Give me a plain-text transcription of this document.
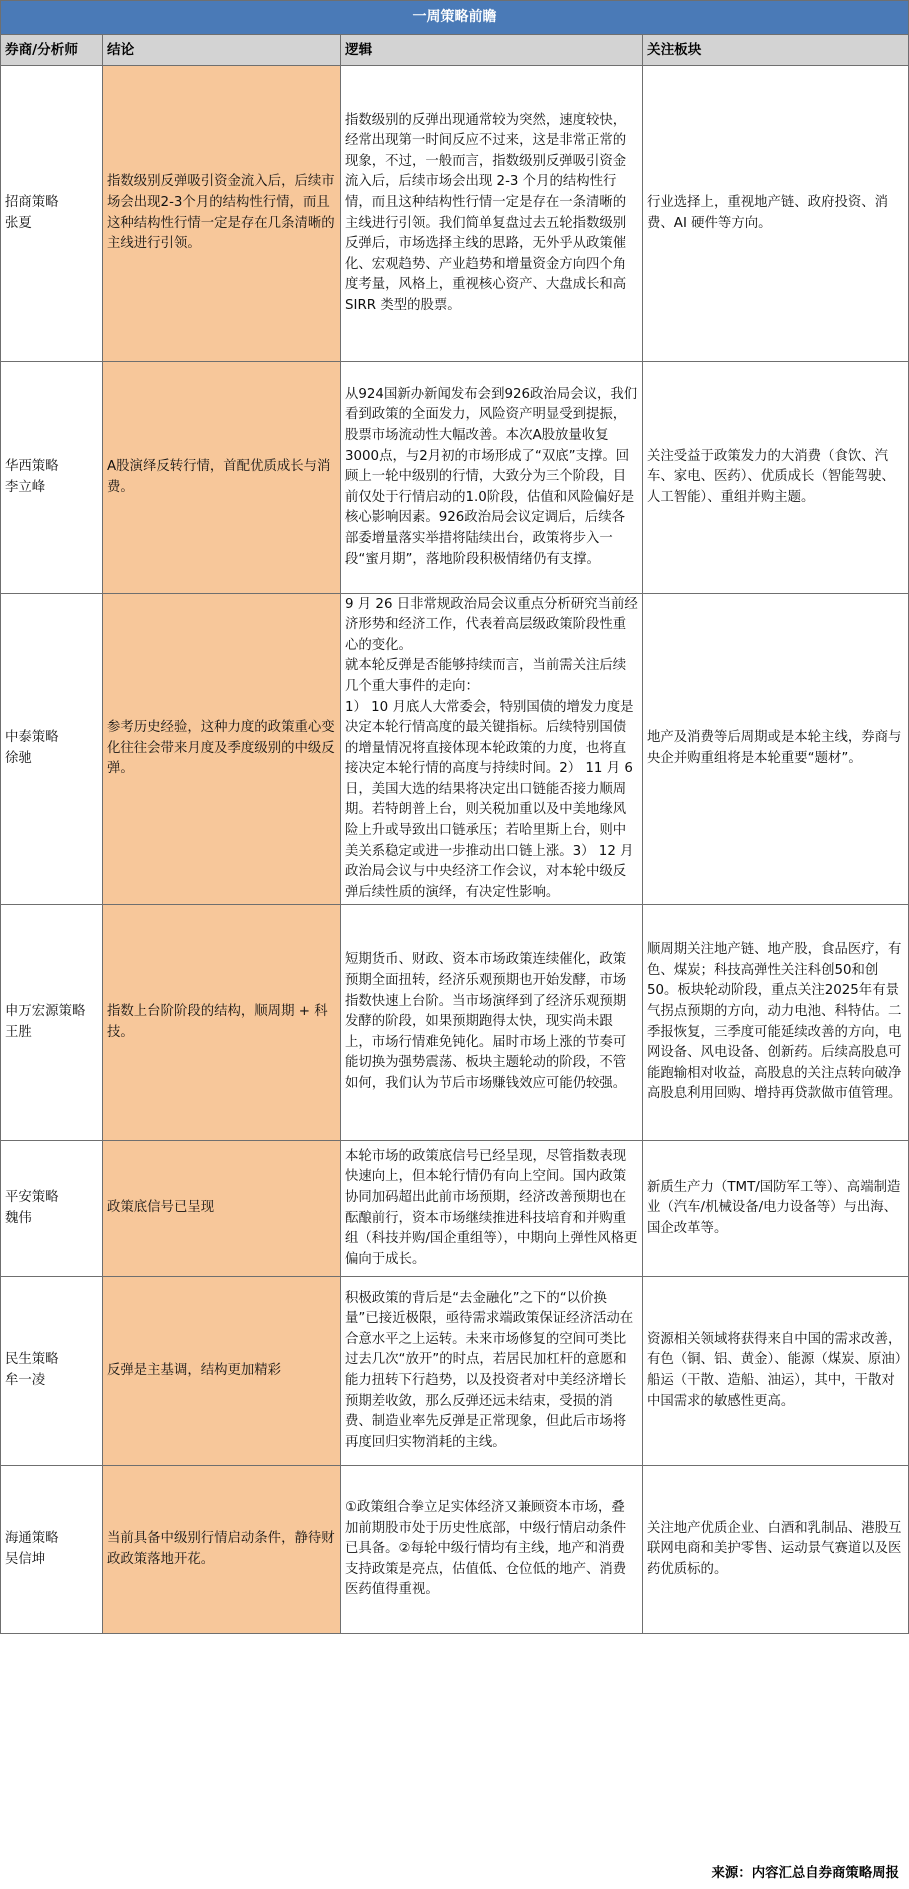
一周策略前瞻			
券商/分析师	结论	逻辑	关注板块
招商策略
张夏	指数级别反弹吸引资金流入后，后续市场会出现2-3个月的结构性行情，而且这种结构性行情一定是存在几条清晰的主线进行引领。	指数级别的反弹出现通常较为突然，速度较快，经常出现第一时间反应不过来，这是非常正常的现象，不过，一般而言，指数级别反弹吸引资金流入后，后续市场会出现 2-3 个月的结构性行情，而且这种结构性行情一定是存在一条清晰的主线进行引领。我们简单复盘过去五轮指数级别反弹后，市场选择主线的思路，无外乎从政策催化、宏观趋势、产业趋势和增量资金方向四个角度考量，风格上，重视核心资产、大盘成长和高 SIRR 类型的股票。	行业选择上，重视地产链、政府投资、消费、AI 硬件等方向。
华西策略
李立峰	A股演绎反转行情，首配优质成长与消费。	从924国新办新闻发布会到926政治局会议，我们看到政策的全面发力，风险资产明显受到提振，股票市场流动性大幅改善。本次A股放量收复3000点，与2月初的市场形成了“双底”支撑。回顾上一轮中级别的行情，大致分为三个阶段，目前仅处于行情启动的1.0阶段，估值和风险偏好是核心影响因素。926政治局会议定调后，后续各部委增量落实举措将陆续出台，政策将步入一段“蜜月期”，落地阶段积极情绪仍有支撑。	关注受益于政策发力的大消费（食饮、汽车、家电、医药）、优质成长（智能驾驶、人工智能）、重组并购主题。
中泰策略
徐驰	参考历史经验，这种力度的政策重心变化往往会带来月度及季度级别的中级反弹。	9 月 26 日非常规政治局会议重点分析研究当前经济形势和经济工作，代表着高层级政策阶段性重心的变化。
就本轮反弹是否能够持续而言，当前需关注后续几个重大事件的走向：
1） 10 月底人大常委会，特别国债的增发力度是决定本轮行情高度的最关键指标。后续特别国债的增量情况将直接体现本轮政策的力度，也将直接决定本轮行情的高度与持续时间。2） 11 月 6 日，美国大选的结果将决定出口链能否接力顺周期。若特朗普上台，则关税加重以及中美地缘风险上升或导致出口链承压；若哈里斯上台，则中美关系稳定或进一步推动出口链上涨。3） 12 月政治局会议与中央经济工作会议，对本轮中级反弹后续性质的演绎，有决定性影响。	地产及消费等后周期或是本轮主线，券商与央企并购重组将是本轮重要“题材”。
申万宏源策略
王胜	指数上台阶阶段的结构，顺周期 + 科技。	短期货币、财政、资本市场政策连续催化，政策预期全面扭转，经济乐观预期也开始发酵，市场指数快速上台阶。当市场演绎到了经济乐观预期发酵的阶段，如果预期跑得太快，现实尚未跟上，市场行情难免钝化。届时市场上涨的节奏可能切换为强势震荡、板块主题轮动的阶段，不管如何，我们认为节后市场赚钱效应可能仍较强。	顺周期关注地产链、地产股，食品医疗，有色、煤炭；科技高弹性关注科创50和创50。板块轮动阶段，重点关注2025年有景气拐点预期的方向，动力电池、科特估。二季报恢复，三季度可能延续改善的方向，电网设备、风电设备、创新药。后续高股息可能跑输相对收益，高股息的关注点转向破净高股息利用回购、增持再贷款做市值管理。
平安策略
魏伟	政策底信号已呈现	本轮市场的政策底信号已经呈现，尽管指数表现快速向上，但本轮行情仍有向上空间。国内政策协同加码超出此前市场预期，经济改善预期也在酝酿前行，资本市场继续推进科技培育和并购重组（科技并购/国企重组等），中期向上弹性风格更偏向于成长。	新质生产力（TMT/国防军工等）、高端制造业（汽车/机械设备/电力设备等）与出海、国企改革等。
民生策略
牟一凌	反弹是主基调，结构更加精彩	积极政策的背后是“去金融化”之下的“以价换量”已接近极限，亟待需求端政策保证经济活动在合意水平之上运转。未来市场修复的空间可类比过去几次“放开”的时点，若居民加杠杆的意愿和能力扭转下行趋势，以及投资者对中美经济增长预期差收敛，那么反弹还远未结束，受损的消费、制造业率先反弹是正常现象，但此后市场将再度回归实物消耗的主线。	资源相关领域将获得来自中国的需求改善，有色（铜、铝、黄金）、能源（煤炭、原油）船运（干散、造船、油运），其中，干散对中国需求的敏感性更高。
海通策略
吴信坤	当前具备中级别行情启动条件，静待财政政策落地开花。	①政策组合拳立足实体经济又兼顾资本市场，叠加前期股市处于历史性底部，中级行情启动条件已具备。②每轮中级行情均有主线，地产和消费支持政策是亮点，估值低、仓位低的地产、消费医药值得重视。	关注地产优质企业、白酒和乳制品、港股互联网电商和美护零售、运动景气赛道以及医药优质标的。
来源：内容汇总自券商策略周报
